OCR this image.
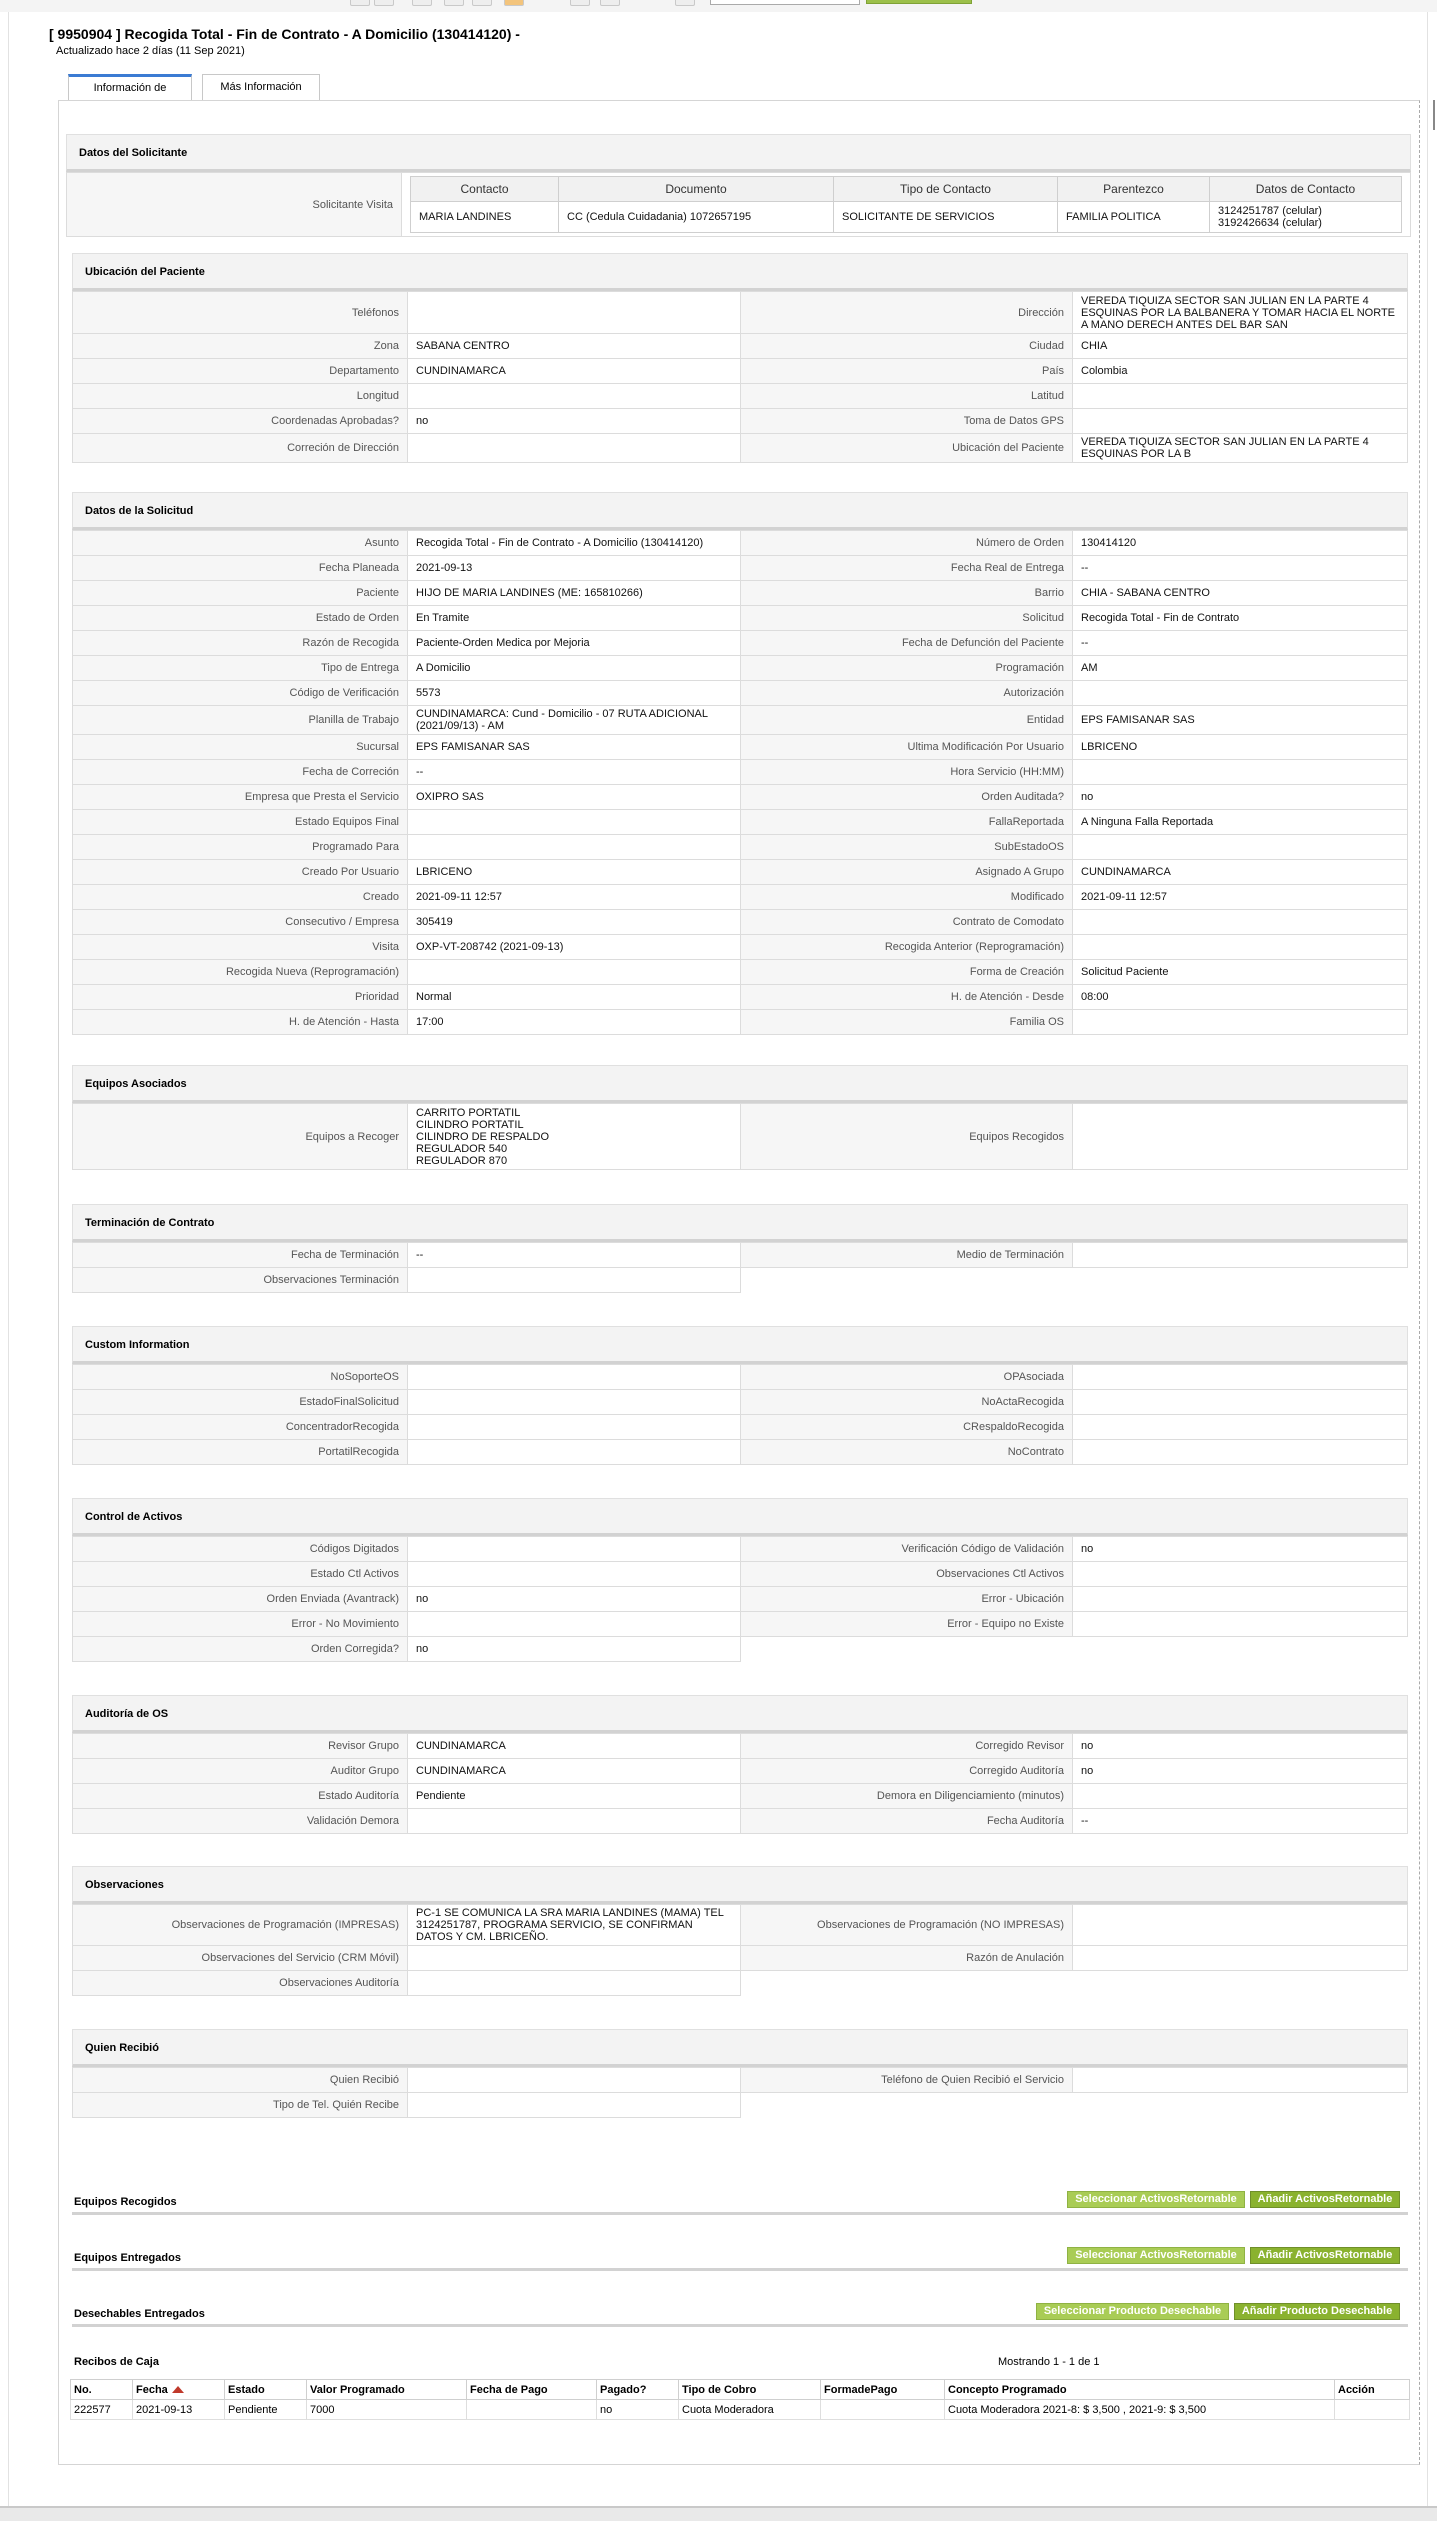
[ 9950904 ] Recogida Total - Fin de Contrato - A Domicilio (130414120) -
Actualizado hace 2 días (11 Sep 2021)
Información de	Más Información
Datos del Solicitante
Solicitante Visita	
Contacto	Documento	Tipo de Contacto	Parentezco	Datos de Contacto
MARIA LANDINES	CC (Cedula Cuidadania) 1072657195	SOLICITANTE DE SERVICIOS	FAMILIA POLITICA	3124251787 (celular)
3192426634 (celular)
Ubicación del Paciente
Teléfonos		Dirección	VEREDA TIQUIZA SECTOR SAN JULIAN EN LA PARTE 4 ESQUINAS POR LA BALBANERA Y TOMAR HACIA EL NORTE A MANO DERECH ANTES DEL BAR SAN
Zona	SABANA CENTRO	Ciudad	CHIA
Departamento	CUNDINAMARCA	País	Colombia
Longitud		Latitud	
Coordenadas Aprobadas?	no	Toma de Datos GPS	
Correción de Dirección		Ubicación del Paciente	VEREDA TIQUIZA SECTOR SAN JULIAN EN LA PARTE 4 ESQUINAS POR LA B
Datos de la Solicitud
Asunto	Recogida Total - Fin de Contrato - A Domicilio (130414120)	Número de Orden	130414120
Fecha Planeada	2021-09-13	Fecha Real de Entrega	--
Paciente	HIJO DE MARIA LANDINES (ME: 165810266)	Barrio	CHIA - SABANA CENTRO
Estado de Orden	En Tramite	Solicitud	Recogida Total - Fin de Contrato
Razón de Recogida	Paciente-Orden Medica por Mejoria	Fecha de Defunción del Paciente	--
Tipo de Entrega	A Domicilio	Programación	AM
Código de Verificación	5573	Autorización	
Planilla de Trabajo	CUNDINAMARCA: Cund - Domicilio - 07 RUTA ADICIONAL (2021/09/13) - AM	Entidad	EPS FAMISANAR SAS
Sucursal	EPS FAMISANAR SAS	Ultima Modificación Por Usuario	LBRICENO
Fecha de Correción	--	Hora Servicio (HH:MM)	
Empresa que Presta el Servicio	OXIPRO SAS	Orden Auditada?	no
Estado Equipos Final		FallaReportada	A Ninguna Falla Reportada
Programado Para		SubEstadoOS	
Creado Por Usuario	LBRICENO	Asignado A Grupo	CUNDINAMARCA
Creado	2021-09-11 12:57	Modificado	2021-09-11 12:57
Consecutivo / Empresa	305419	Contrato de Comodato	
Visita	OXP-VT-208742 (2021-09-13)	Recogida Anterior (Reprogramación)	
Recogida Nueva (Reprogramación)		Forma de Creación	Solicitud Paciente
Prioridad	Normal	H. de Atención - Desde	08:00
H. de Atención - Hasta	17:00	Familia OS	
Equipos Asociados
Equipos a Recoger	
CARRITO PORTATIL
CILINDRO PORTATIL
CILINDRO DE RESPALDO
REGULADOR 540
REGULADOR 870
	Equipos Recogidos	
Terminación de Contrato
Fecha de Terminación	--	Medio de Terminación	
Observaciones Terminación			
Custom Information
NoSoporteOS		OPAsociada	
EstadoFinalSolicitud		NoActaRecogida	
ConcentradorRecogida		CRespaldoRecogida	
PortatilRecogida		NoContrato	
Control de Activos
Códigos Digitados		Verificación Código de Validación	no
Estado Ctl Activos		Observaciones Ctl Activos	
Orden Enviada (Avantrack)	no	Error - Ubicación	
Error - No Movimiento		Error - Equipo no Existe	
Orden Corregida?	no		
Auditoría de OS
Revisor Grupo	CUNDINAMARCA	Corregido Revisor	no
Auditor Grupo	CUNDINAMARCA	Corregido Auditoría	no
Estado Auditoría	Pendiente	Demora en Diligenciamiento (minutos)	
Validación Demora		Fecha Auditoría	--
Observaciones
Observaciones de Programación (IMPRESAS)	PC-1 SE COMUNICA LA SRA MARIA LANDINES (MAMA) TEL 3124251787, PROGRAMA SERVICIO, SE CONFIRMAN DATOS Y CM. LBRICEÑO.	Observaciones de Programación (NO IMPRESAS)	
Observaciones del Servicio (CRM Móvil)		Razón de Anulación	
Observaciones Auditoría			
Quien Recibió
Quien Recibió		Teléfono de Quien Recibió el Servicio	
Tipo de Tel. Quién Recibe			
Equipos Recogidos	Seleccionar ActivosRetornable	Añadir ActivosRetornable
Equipos Entregados	Seleccionar ActivosRetornable	Añadir ActivosRetornable
Desechables Entregados	Seleccionar Producto Desechable	Añadir Producto Desechable
Recibos de Caja	Mostrando 1 - 1 de 1
No.	Fecha	Estado	Valor Programado	Fecha de Pago	Pagado?	Tipo de Cobro	FormadePago	Concepto Programado	Acción
222577	2021-09-13	Pendiente	7000		no	Cuota Moderadora		Cuota Moderadora 2021-8: $ 3,500 , 2021-9: $ 3,500	
